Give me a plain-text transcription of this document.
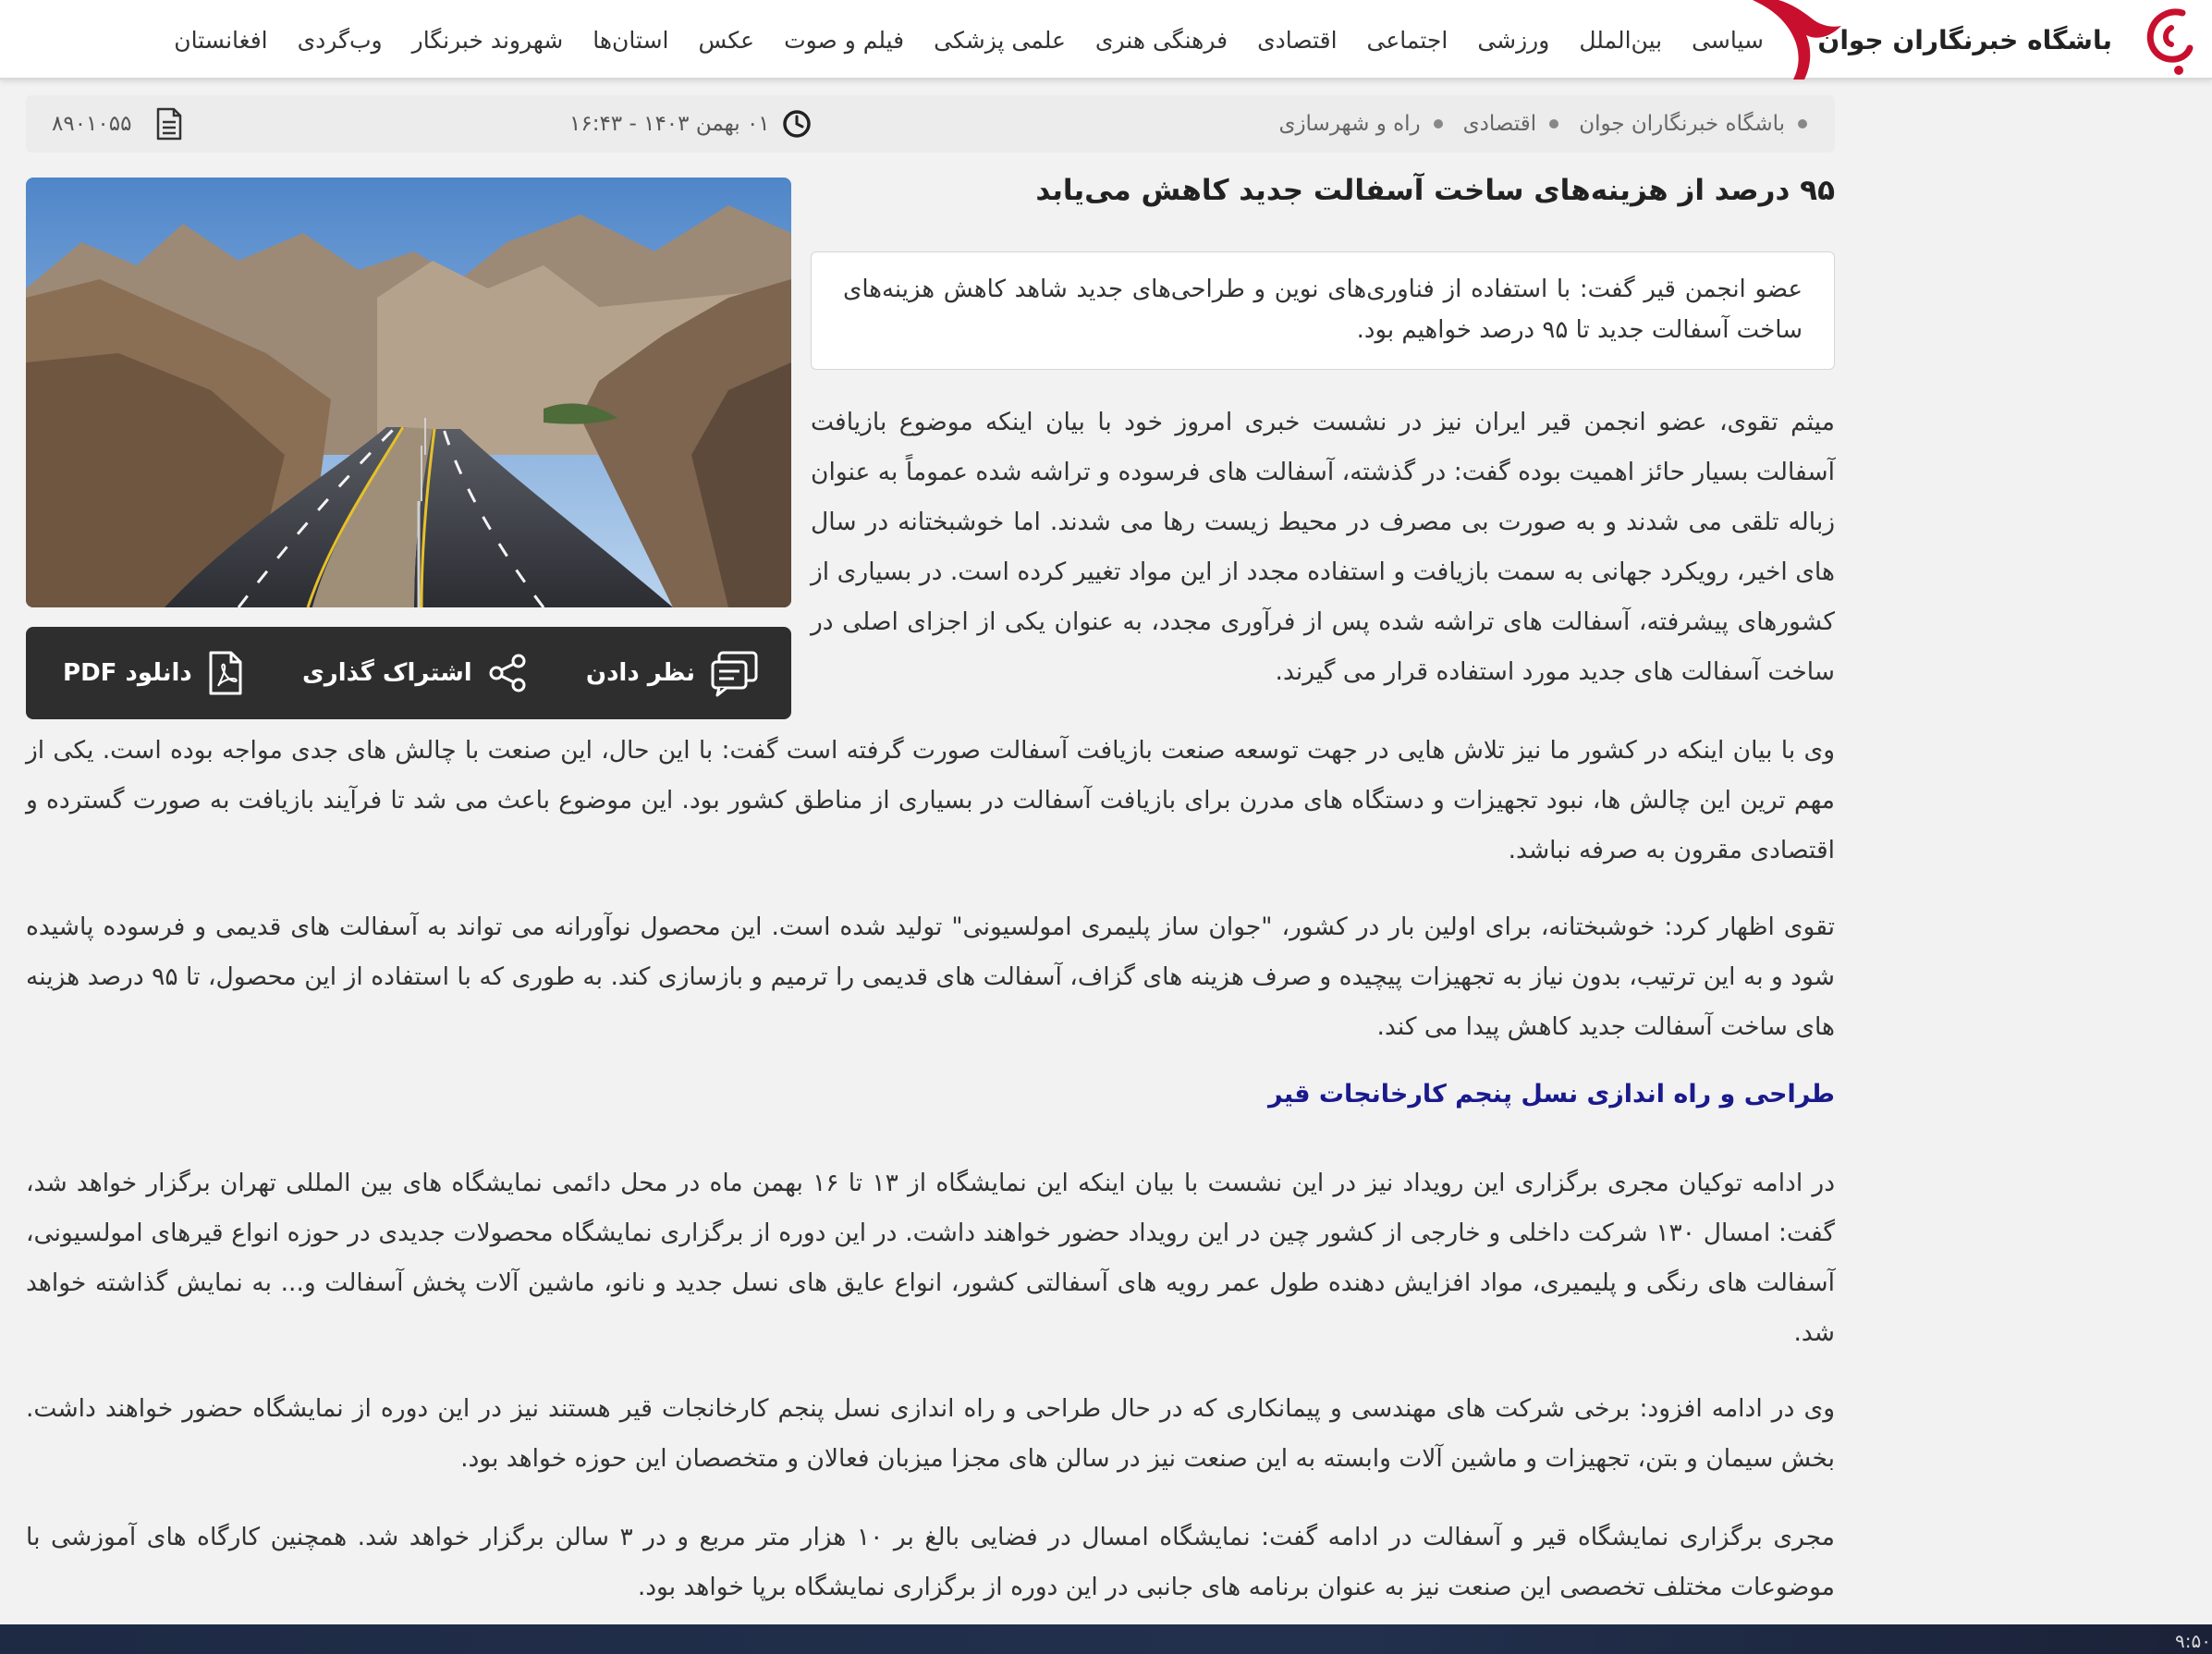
باشگاه خبرنگاران جوان
سیاسی
بین‌الملل
ورزشی
اجتماعی
اقتصادی
فرهنگی هنری
علمی پزشکی
فیلم و صوت
عکس
استان‌ها
شهروند خبرنگار
وب‌گردی
افغانستان
باشگاه خبرنگاران جوان
اقتصادی
راه و شهرسازی
۰۱ بهمن ۱۴۰۳ - ۱۶:۴۳
۸۹۰۱۰۵۵
نظر دادن
اشتراک گذاری
دانلود PDF
۹۵ درصد از هزینه‌های ساخت آسفالت جدید کاهش می‌یابد
عضو انجمن قیر گفت: با استفاده از فناوری‌های نوین و طراحی‌های جدید شاهد کاهش هزینه‌های ساخت آسفالت جدید تا ۹۵ درصد خواهیم بود.

میثم تقوی، عضو انجمن قیر ایران نیز در نشست خبری امروز خود با بیان اینکه موضوع بازیافت آسفالت بسیار حائز اهمیت بوده گفت: در گذشته، آسفالت های فرسوده و تراشه شده عموماً به عنوان زباله تلقی می شدند و به صورت بی مصرف در محیط زیست رها می شدند. اما خوشبختانه در سال های اخیر، رویکرد جهانی به سمت بازیافت و استفاده مجدد از این مواد تغییر کرده است. در بسیاری از کشورهای پیشرفته، آسفالت های تراشه شده پس از فرآوری مجدد، به عنوان یکی از اجزای اصلی در ساخت آسفالت های جدید مورد استفاده قرار می گیرند.

وی با بیان اینکه در کشور ما نیز تلاش هایی در جهت توسعه صنعت بازیافت آسفالت صورت گرفته است گفت: با این حال، این صنعت با چالش های جدی مواجه بوده است. یکی از مهم ترین این چالش ها، نبود تجهیزات و دستگاه های مدرن برای بازیافت آسفالت در بسیاری از مناطق کشور بود. این موضوع باعث می شد تا فرآیند بازیافت به صورت گسترده و اقتصادی مقرون به صرفه نباشد.

تقوی اظهار کرد: خوشبختانه، برای اولین بار در کشور، "جوان ساز پلیمری امولسیونی" تولید شده است. این محصول نوآورانه می تواند به آسفالت های قدیمی و فرسوده پاشیده شود و به این ترتیب، بدون نیاز به تجهیزات پیچیده و صرف هزینه های گزاف، آسفالت های قدیمی را ترمیم و بازسازی کند. به طوری که با استفاده از این محصول، تا ۹۵ درصد هزینه های ساخت آسفالت جدید کاهش پیدا می کند.

طراحی و راه اندازی نسل پنجم کارخانجات قیر

در ادامه توکیان مجری برگزاری این رویداد نیز در این نشست با بیان اینکه این نمایشگاه از ۱۳ تا ۱۶ بهمن ماه در محل دائمی نمایشگاه های بین المللی تهران برگزار خواهد شد، گفت: امسال ۱۳۰ شرکت داخلی و خارجی از کشور چین در این رویداد حضور خواهند داشت. در این دوره از برگزاری نمایشگاه محصولات جدیدی در حوزه انواع قیرهای امولسیونی، آسفالت های رنگی و پلیمیری، مواد افزایش دهنده طول عمر رویه های آسفالتی کشور، انواع عایق های نسل جدید و نانو، ماشین آلات پخش آسفالت و... به نمایش گذاشته خواهد شد.

وی در ادامه افزود: برخی شرکت های مهندسی و پیمانکاری که در حال طراحی و راه اندازی نسل پنجم کارخانجات قیر هستند نیز در این دوره از نمایشگاه حضور خواهند داشت. بخش سیمان و بتن، تجهیزات و ماشین آلات وابسته به این صنعت نیز در سالن های مجزا میزبان فعالان و متخصصان این حوزه خواهد بود.

مجری برگزاری نمایشگاه قیر و آسفالت در ادامه گفت: نمایشگاه امسال در فضایی بالغ بر ۱۰ هزار متر مربع و در ۳ سالن برگزار خواهد شد. همچنین کارگاه های آموزشی با موضوعات مختلف تخصصی این صنعت نیز به عنوان برنامه های جانبی در این دوره از برگزاری نمایشگاه برپا خواهد بود.

۹:۵۰
